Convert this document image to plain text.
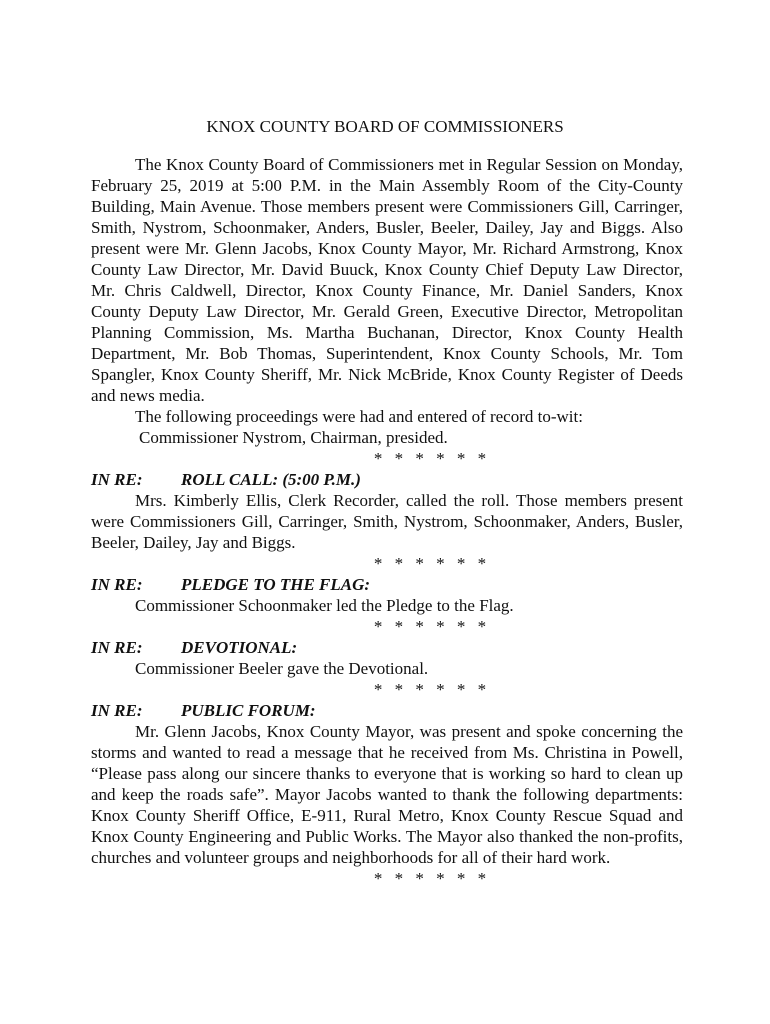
KNOX COUNTY BOARD OF COMMISSIONERS

The Knox County Board of Commissioners met in Regular Session on Monday, February 25, 2019 at 5:00 P.M. in the Main Assembly Room of the City-County Building, Main Avenue. Those members present were Commissioners Gill, Carringer, Smith, Nystrom, Schoonmaker, Anders, Busler, Beeler, Dailey, Jay and Biggs. Also present were Mr. Glenn Jacobs, Knox County Mayor, Mr. Richard Armstrong, Knox County Law Director, Mr. David Buuck, Knox County Chief Deputy Law Director, Mr. Chris Caldwell, Director, Knox County Finance, Mr. Daniel Sanders, Knox County Deputy Law Director, Mr. Gerald Green, Executive Director, Metropolitan Planning Commission, Ms. Martha Buchanan, Director, Knox County Health Department, Mr. Bob Thomas, Superintendent, Knox County Schools, Mr. Tom Spangler, Knox County Sheriff, Mr. Nick McBride, Knox County Register of Deeds and news media.

The following proceedings were had and entered of record to-wit:

Commissioner Nystrom, Chairman, presided.

* * * * * *
IN RE: ROLL CALL: (5:00 P.M.)

Mrs. Kimberly Ellis, Clerk Recorder, called the roll. Those members present were Commissioners Gill, Carringer, Smith, Nystrom, Schoonmaker, Anders, Busler, Beeler, Dailey, Jay and Biggs.

* * * * * *
IN RE: PLEDGE TO THE FLAG:

Commissioner Schoonmaker led the Pledge to the Flag.

* * * * * *
IN RE: DEVOTIONAL:

Commissioner Beeler gave the Devotional.

* * * * * *
IN RE: PUBLIC FORUM:

Mr. Glenn Jacobs, Knox County Mayor, was present and spoke concerning the storms and wanted to read a message that he received from Ms. Christina in Powell, “Please pass along our sincere thanks to everyone that is working so hard to clean up and keep the roads safe”. Mayor Jacobs wanted to thank the following departments: Knox County Sheriff Office, E-911, Rural Metro, Knox County Rescue Squad and Knox County Engineering and Public Works. The Mayor also thanked the non-profits, churches and volunteer groups and neighborhoods for all of their hard work.

* * * * * *
